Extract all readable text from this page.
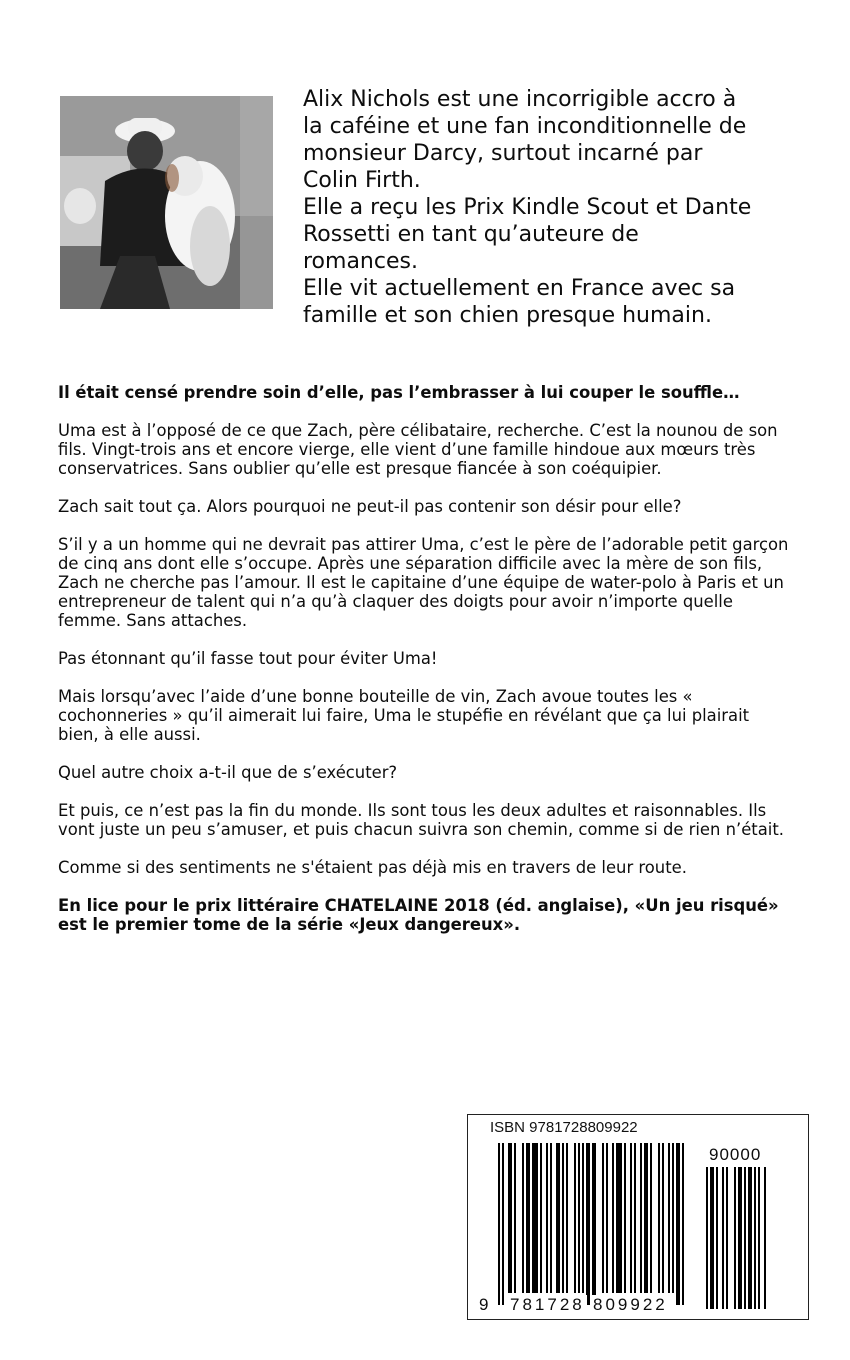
Alix Nichols est une incorrigible accro à

la caféine et une fan inconditionnelle de

monsieur Darcy, surtout incarné par

Colin Firth.

Elle a reçu les Prix Kindle Scout et Dante

Rossetti en tant qu’auteure de

romances.

Elle vit actuellement en France avec sa

famille et son chien presque humain.

Il était censé prendre soin d’elle, pas l’embrasser à lui couper le souffle…

Uma est à l’opposé de ce que Zach, père célibataire, recherche. C’est la nounou de son fils. Vingt-trois ans et encore vierge, elle vient d’une famille hindoue aux mœurs très conservatrices. Sans oublier qu’elle est presque fiancée à son coéquipier.

Zach sait tout ça. Alors pourquoi ne peut-il pas contenir son désir pour elle?

S’il y a un homme qui ne devrait pas attirer Uma, c’est le père de l’adorable petit garçon de cinq ans dont elle s’occupe. Après une séparation difficile avec la mère de son fils, Zach ne cherche pas l’amour. Il est le capitaine d’une équipe de water-polo à Paris et un entrepreneur de talent qui n’a qu’à claquer des doigts pour avoir n’importe quelle femme. Sans attaches.

Pas étonnant qu’il fasse tout pour éviter Uma!

Mais lorsqu’avec l’aide d’une bonne bouteille de vin, Zach avoue toutes les « cochonneries » qu’il aimerait lui faire, Uma le stupéfie en révélant que ça lui plairait bien, à elle aussi.

Quel autre choix a-t-il que de s’exécuter?

Et puis, ce n’est pas la fin du monde. Ils sont tous les deux adultes et raisonnables. Ils vont juste un peu s’amuser, et puis chacun suivra son chemin, comme si de rien n’était.

Comme si des sentiments ne s'étaient pas déjà mis en travers de leur route.

En lice pour le prix littéraire CHATELAINE 2018 (éd. anglaise), «Un jeu risqué» est le premier tome de la série «Jeux dangereux».

ISBN 9781728809922
90000
9 781728 809922
